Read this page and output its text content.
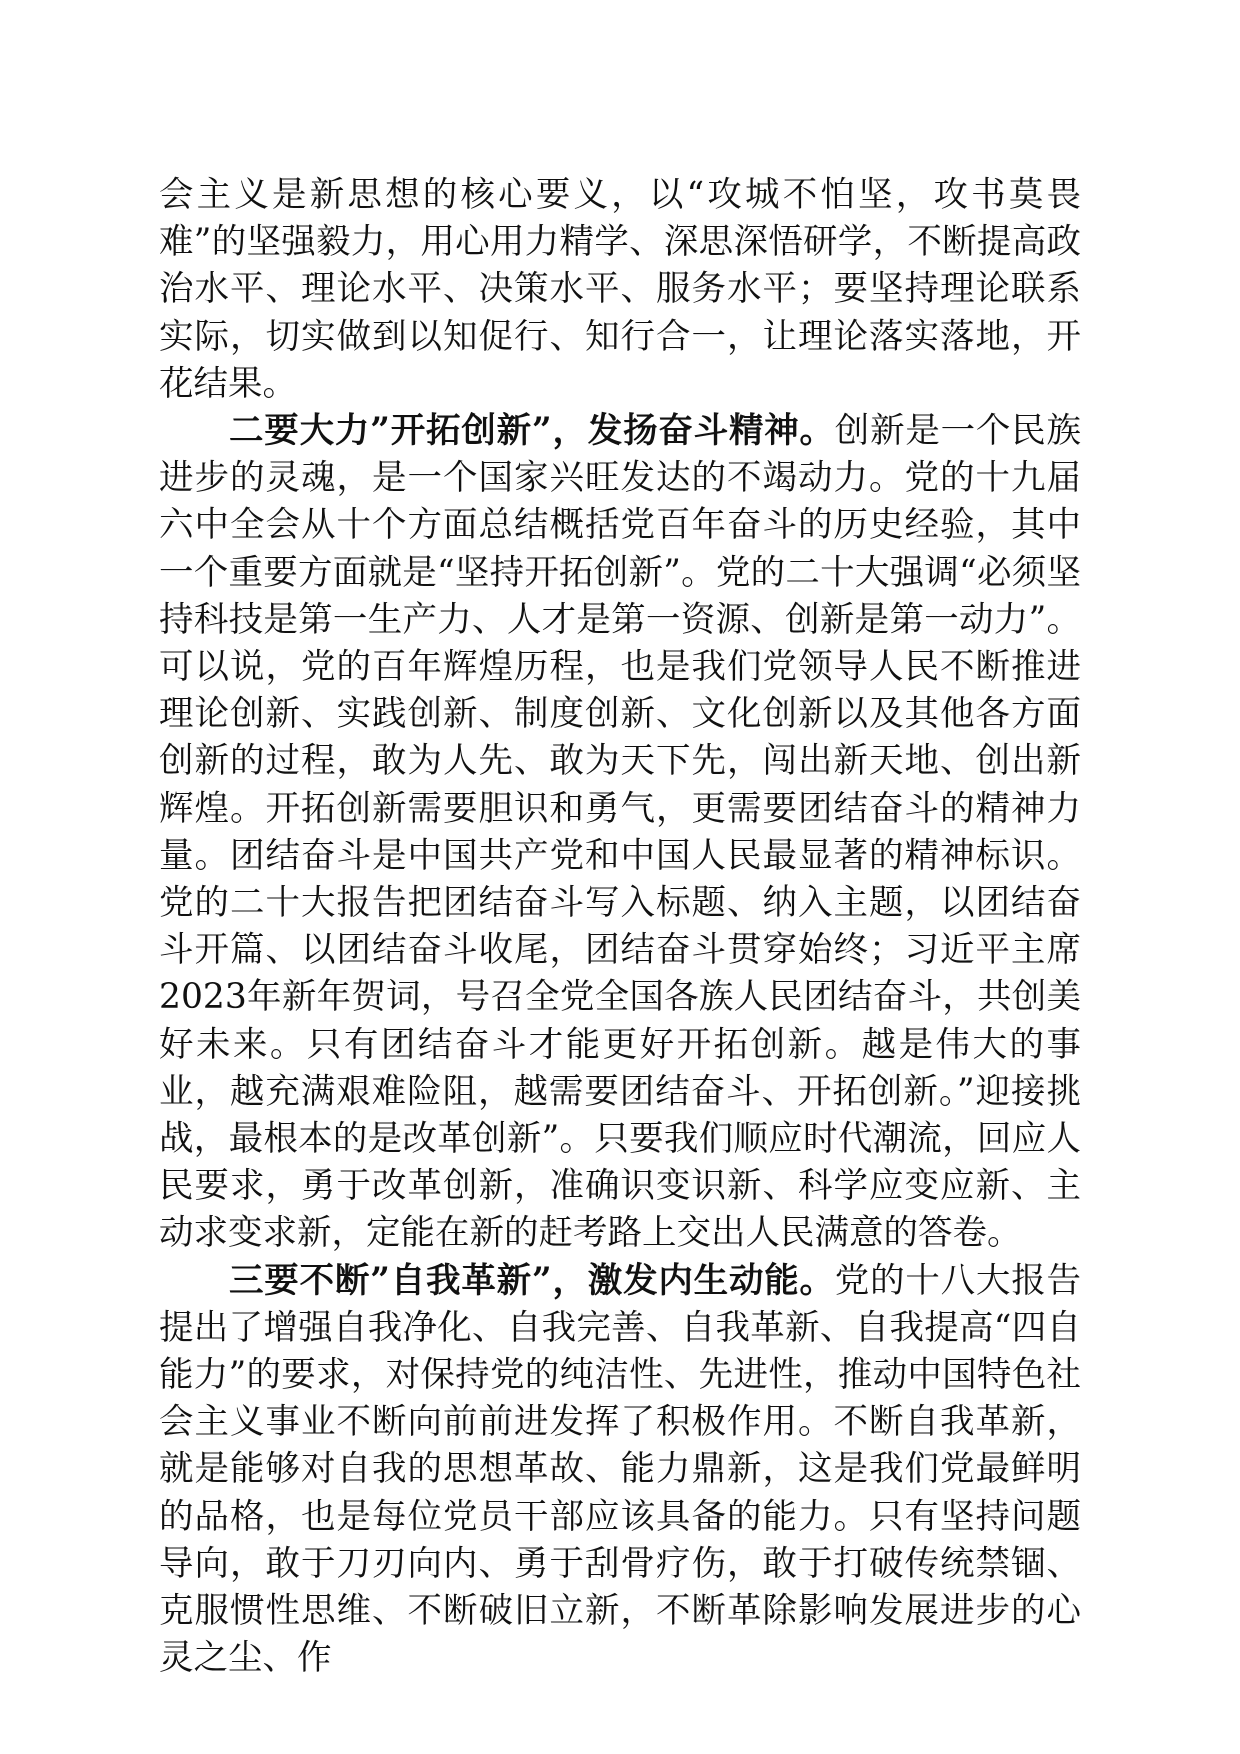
会主义是新思想的核心要义，以“攻城不怕坚，攻书莫畏难”的坚强毅力，用心用力精学、深思深悟研学，不断提高政治水平、理论水平、决策水平、服务水平；要坚持理论联系实际，切实做到以知促行、知行合一，让理论落实落地，开花结果。

二要大力”开拓创新”，发扬奋斗精神。创新是一个民族进步的灵魂，是一个国家兴旺发达的不竭动力。党的十九届六中全会从十个方面总结概括党百年奋斗的历史经验，其中一个重要方面就是“坚持开拓创新”。党的二十大强调“必须坚持科技是第一生产力、人才是第一资源、创新是第一动力”。可以说，党的百年辉煌历程，也是我们党领导人民不断推进理论创新、实践创新、制度创新、文化创新以及其他各方面创新的过程，敢为人先、敢为天下先，闯出新天地、创出新辉煌。开拓创新需要胆识和勇气，更需要团结奋斗的精神力量。团结奋斗是中国共产党和中国人民最显著的精神标识。党的二十大报告把团结奋斗写入标题、纳入主题，以团结奋斗开篇、以团结奋斗收尾，团结奋斗贯穿始终；习近平主席2023年新年贺词，号召全党全国各族人民团结奋斗，共创美好未来。只有团结奋斗才能更好开拓创新。越是伟大的事业，越充满艰难险阻，越需要团结奋斗、开拓创新。”迎接挑战，最根本的是改革创新”。只要我们顺应时代潮流，回应人民要求，勇于改革创新，准确识变识新、科学应变应新、主动求变求新，定能在新的赶考路上交出人民满意的答卷。

三要不断”自我革新”，激发内生动能。党的十八大报告提出了增强自我净化、自我完善、自我革新、自我提高“四自能力”的要求，对保持党的纯洁性、先进性，推动中国特色社会主义事业不断向前前进发挥了积极作用。不断自我革新，就是能够对自我的思想革故、能力鼎新，这是我们党最鲜明的品格，也是每位党员干部应该具备的能力。只有坚持问题导向，敢于刀刃向内、勇于刮骨疗伤，敢于打破传统禁锢、克服惯性思维、不断破旧立新，不断革除影响发展进步的心灵之尘、作
